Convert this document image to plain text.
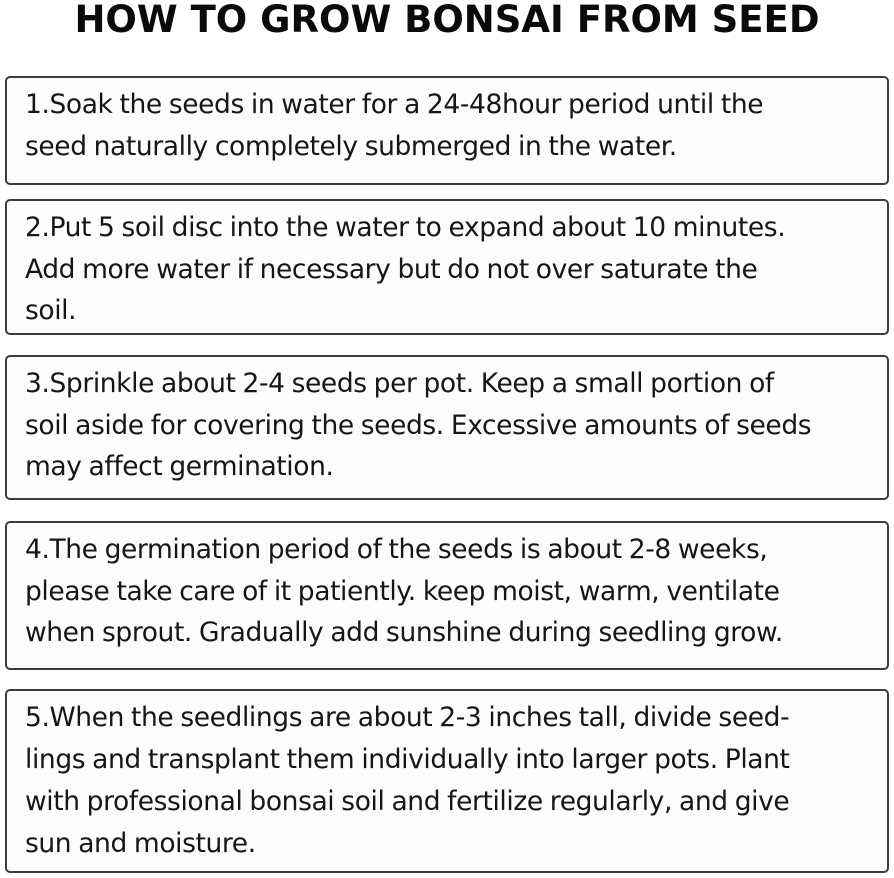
HOW TO GROW BONSAI FROM SEED
1.Soak the seeds in water for a 24-48hour period until the
seed naturally completely submerged in the water.
2.Put 5 soil disc into the water to expand about 10 minutes.
Add more water if necessary but do not over saturate the
soil.
3.Sprinkle about 2-4 seeds per pot. Keep a small portion of
soil aside for covering the seeds. Excessive amounts of seeds
may affect germination.
4.The germination period of the seeds is about 2-8 weeks,
please take care of it patiently. keep moist, warm, ventilate
when sprout. Gradually add sunshine during seedling grow.
5.When the seedlings are about 2-3 inches tall, divide seed-
lings and transplant them individually into larger pots. Plant
with professional bonsai soil and fertilize regularly, and give
sun and moisture.
